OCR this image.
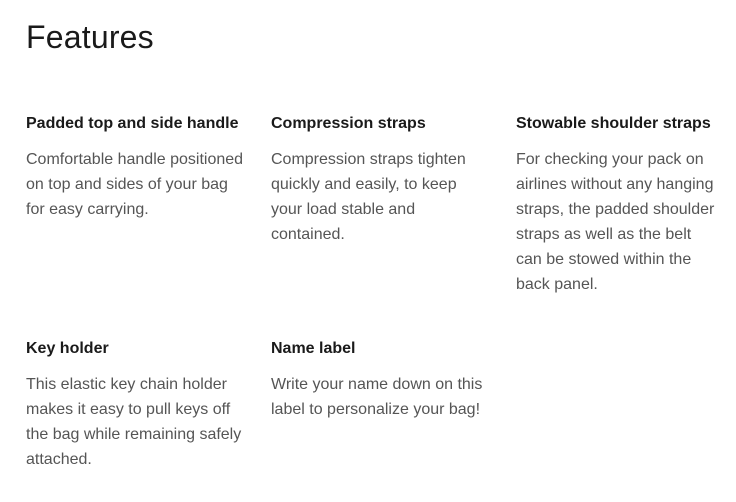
Features
Padded top and side handle

Comfortable handle positioned on top and sides of your bag for easy carrying.

Compression straps

Compression straps tighten quickly and easily, to keep your load stable and contained.

Stowable shoulder straps

For checking your pack on airlines without any hanging straps, the padded shoulder straps as well as the belt can be stowed within the back panel.

Key holder

This elastic key chain holder makes it easy to pull keys off the bag while remaining safely attached.

Name label

Write your name down on this label to personalize your bag!
